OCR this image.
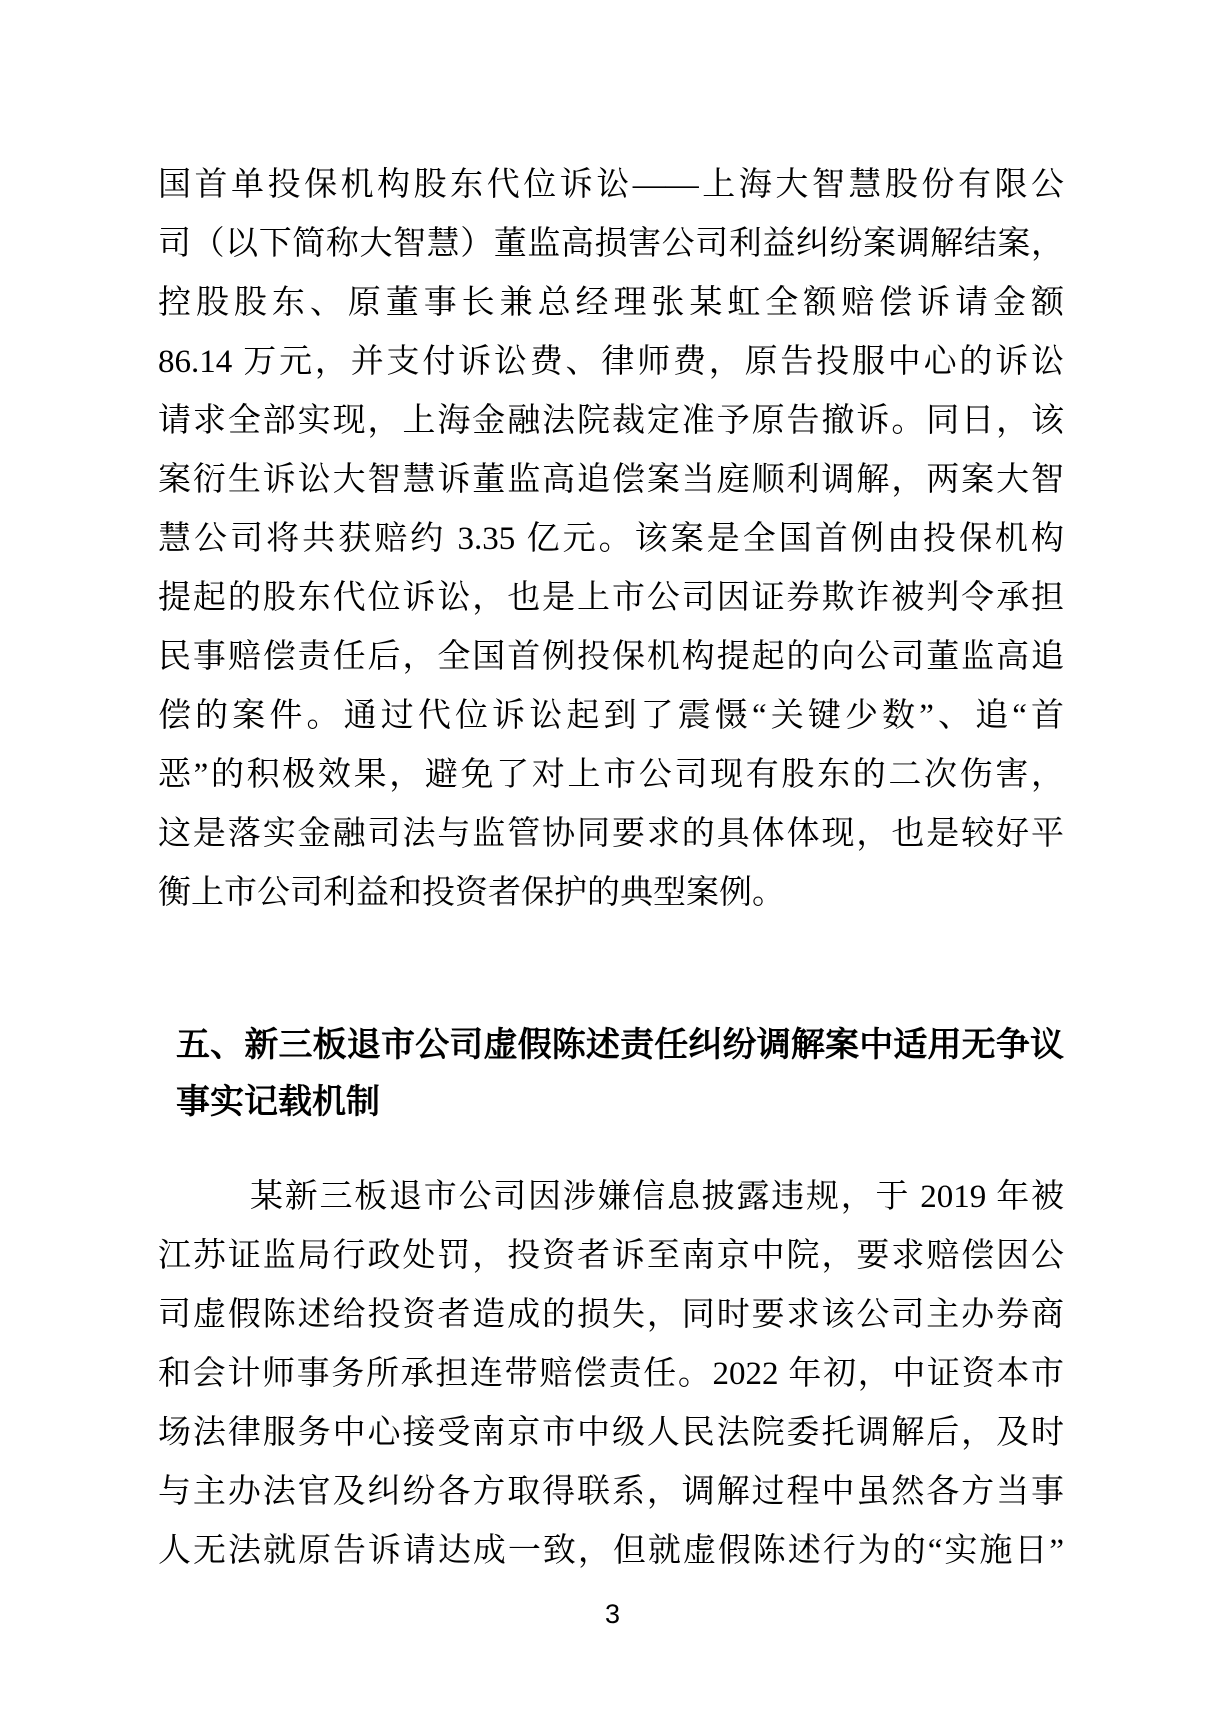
国首单投保机构股东代位诉讼——上海大智慧股份有限公
司（以下简称大智慧）董监高损害公司利益纠纷案调解结案，
控股股东、原董事长兼总经理张某虹全额赔偿诉请金额
86.14 万元，并支付诉讼费、律师费，原告投服中心的诉讼
请求全部实现，上海金融法院裁定准予原告撤诉。同日，该
案衍生诉讼大智慧诉董监高追偿案当庭顺利调解，两案大智
慧公司将共获赔约 3.35 亿元。该案是全国首例由投保机构
提起的股东代位诉讼，也是上市公司因证券欺诈被判令承担
民事赔偿责任后，全国首例投保机构提起的向公司董监高追
偿的案件。通过代位诉讼起到了震慑“关键少数”、追“首
恶”的积极效果，避免了对上市公司现有股东的二次伤害，
这是落实金融司法与监管协同要求的具体体现，也是较好平
衡上市公司利益和投资者保护的典型案例。
五、新三板退市公司虚假陈述责任纠纷调解案中适用无争议
事实记载机制
某新三板退市公司因涉嫌信息披露违规，于 2019 年被
江苏证监局行政处罚，投资者诉至南京中院，要求赔偿因公
司虚假陈述给投资者造成的损失，同时要求该公司主办券商
和会计师事务所承担连带赔偿责任。2022 年初，中证资本市
场法律服务中心接受南京市中级人民法院委托调解后，及时
与主办法官及纠纷各方取得联系，调解过程中虽然各方当事
人无法就原告诉请达成一致，但就虚假陈述行为的“实施日”
3
